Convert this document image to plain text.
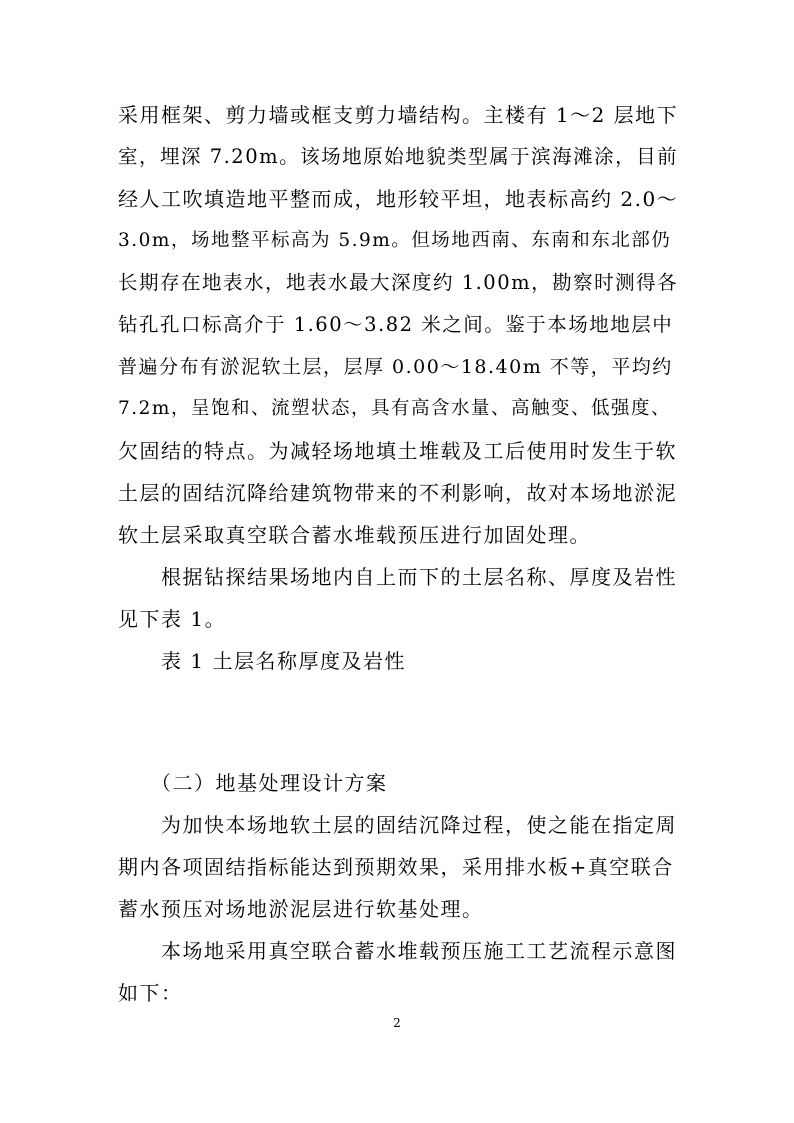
采用框架、剪力墙或框支剪力墙结构。主楼有 1～2 层地下
室，埋深 7.20m。该场地原始地貌类型属于滨海滩涂，目前
经人工吹填造地平整而成，地形较平坦，地表标高约 2.0～
3.0m，场地整平标高为 5.9m。但场地西南、东南和东北部仍
长期存在地表水，地表水最大深度约 1.00m，勘察时测得各
钻孔孔口标高介于 1.60～3.82 米之间。鉴于本场地地层中
普遍分布有淤泥软土层，层厚 0.00～18.40m 不等，平均约
7.2m，呈饱和、流塑状态，具有高含水量、高触变、低强度、
欠固结的特点。为减轻场地填土堆载及工后使用时发生于软
土层的固结沉降给建筑物带来的不利影响，故对本场地淤泥
软土层采取真空联合蓄水堆载预压进行加固处理。
　　根据钻探结果场地内自上而下的土层名称、厚度及岩性
见下表 1。
　　表 1 土层名称厚度及岩性
　　（二）地基处理设计方案
　　为加快本场地软土层的固结沉降过程，使之能在指定周
期内各项固结指标能达到预期效果，采用排水板+真空联合
蓄水预压对场地淤泥层进行软基处理。
　　本场地采用真空联合蓄水堆载预压施工工艺流程示意图
如下：
2
